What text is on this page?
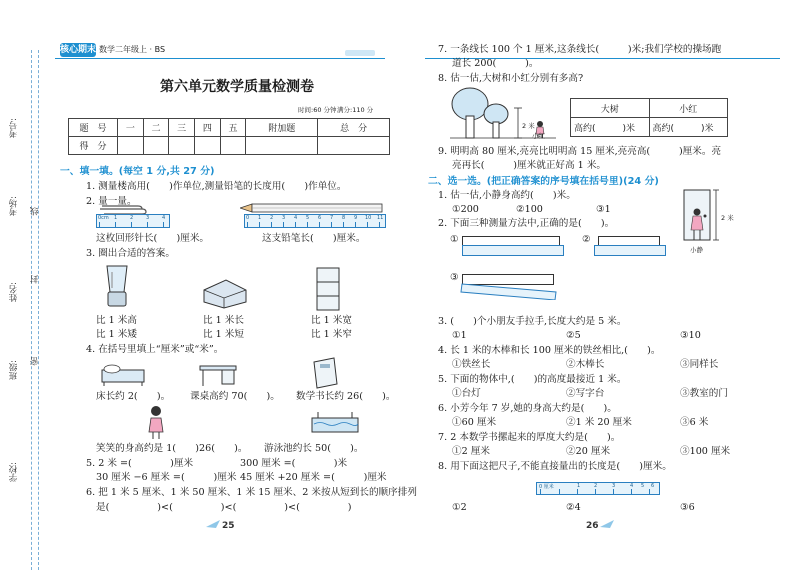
考号:
考场: 线
姓名:
封
班级: 密
学校:
核心期末 数学二年级上 · BS
第六单元数学质量检测卷
时间:60 分钟 满分:110 分
题　号	一	二	三	四	五	附加题	总　分
得　分							
一、填一填。(每空 1 分,共 27 分)
1. 测量楼高用(　　)作单位,测量铅笔的长度用(　　)作单位。
2. 量一量。
0cm 1	2	3	4
这枚回形针长(　　)厘米。
0 1 2 3 4 5 6 7 8 9 10 11
这支铅笔长(　　)厘米。
3. 圈出合适的答案。
比 1 米高
比 1 米矮
比 1 米长
比 1 米短
比 1 米宽
比 1 米窄
4. 在括号里填上“厘米”或“米”。
床长约 2(　　)。 课桌高约 70(　　)。 数学书长约 26(　　)。
笑笑的身高约是 1(　　)26(　　)。 游泳池约长 50(　　)。
5. 2 米 =(　　　　)厘米	300 厘米 =(　　　　)米
30 厘米 −6 厘米 =(　　　)厘米 45 厘米 +20 厘米 =(　　　)厘米
6. 把 1 米 5 厘米、1 米 50 厘米、1 米 15 厘米、2 米按从短到长的顺序排列
是(　　　　　)<(　　　　　)<(　　　　　)<(　　　　　)
25
7. 一条线长 100 个 1 厘米,这条线长(　　　)米;我们学校的操场跑
道长 200(　　　)。
8. 估一估,大树和小红分别有多高?
2 米
小红
大树	小红
高约(　　　)米	高约(　　　)米
9. 明明高 80 厘米,亮亮比明明高 15 厘米,亮亮高(　　　)厘米。亮
亮再长(　　　)厘米就正好高 1 米。
二、选一选。(把正确答案的序号填在括号里)(24 分)
1. 估一估,小静身高约(　　)米。
①200	②100	③1
2 米
小静
2. 下面三种测量方法中,正确的是(　　)。
①	②
③
3. (　　)个小朋友手拉手,长度大约是 5 米。
①1	②5	③10
4. 长 1 米的木棒和长 100 厘米的铁丝相比,(　　)。
①铁丝长	②木棒长	③同样长
5. 下面的物体中,(　　)的高度最接近 1 米。
①台灯	②写字台	③教室的门
6. 小芳今年 7 岁,她的身高大约是(　　)。
①60 厘米	②1 米 20 厘米	③6 米
7. 2 本数学书摞起来的厚度大约是(　　)。
①2 厘米	②20 厘米	③100 厘米
8. 用下面这把尺子,不能直接量出的长度是(　　)厘米。
0 厘米	1	2	3	4 5 6
①2	②4	③6
26
